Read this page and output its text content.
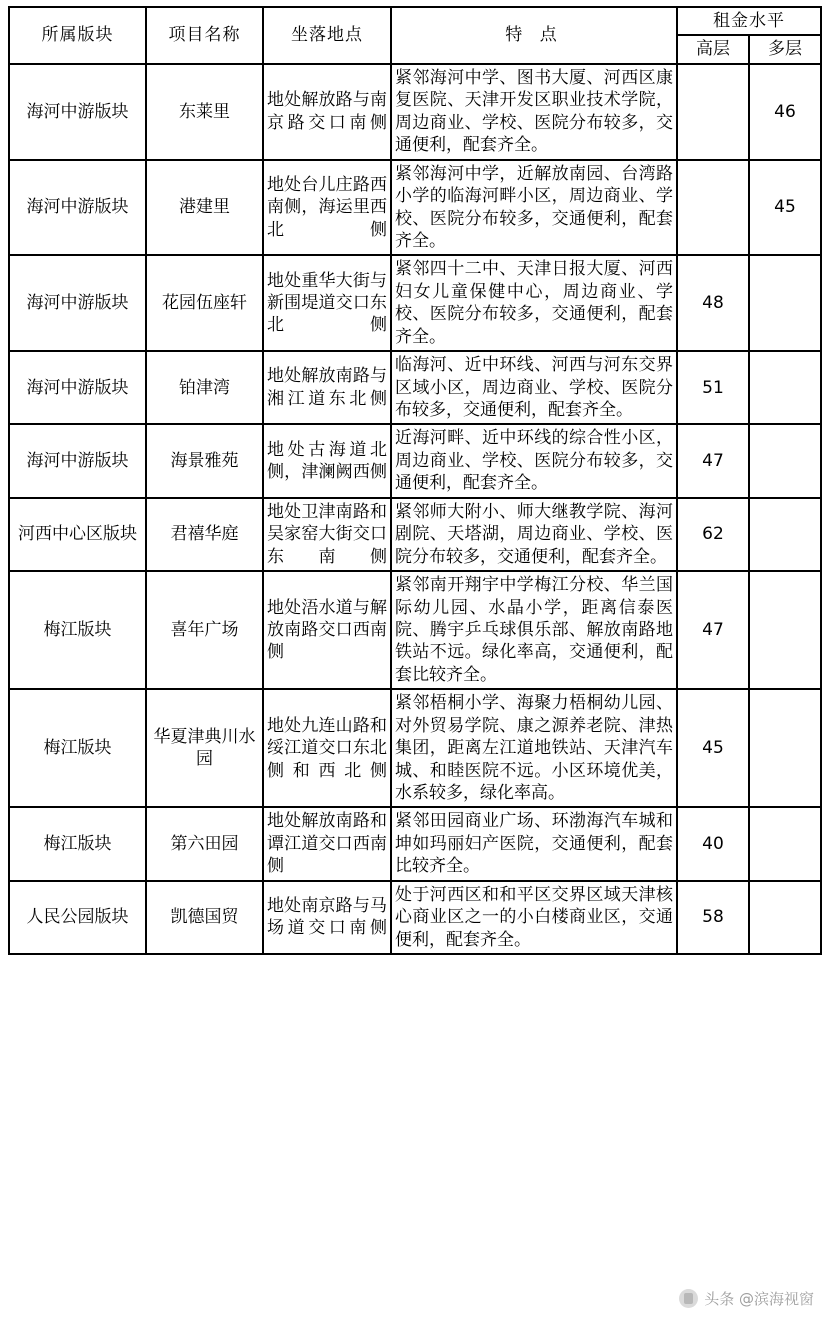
所属版块	项目名称	坐落地点	特 点	租金水平	
				高层	多层
海河中游版块	东莱里	地处解放路与南京路交口南侧	紧邻海河中学、图书大厦、河西区康复医院、天津开发区职业技术学院，周边商业、学校、医院分布较多，交通便利，配套齐全。		46
海河中游版块	港建里	地处台儿庄路西南侧，海运里西北侧	紧邻海河中学，近解放南园、台湾路小学的临海河畔小区，周边商业、学校、医院分布较多，交通便利，配套齐全。		45
海河中游版块	花园伍座轩	地处重华大街与新围堤道交口东北侧	紧邻四十二中、天津日报大厦、河西妇女儿童保健中心，周边商业、学校、医院分布较多，交通便利，配套齐全。	48	
海河中游版块	铂津湾	地处解放南路与湘江道东北侧	临海河、近中环线、河西与河东交界区域小区，周边商业、学校、医院分布较多，交通便利，配套齐全。	51	
海河中游版块	海景雅苑	地处古海道北侧，津澜阙西侧	近海河畔、近中环线的综合性小区，周边商业、学校、医院分布较多，交通便利，配套齐全。	47	
河西中心区版块	君禧华庭	地处卫津南路和吴家窑大街交口东南侧	紧邻师大附小、师大继教学院、海河剧院、天塔湖，周边商业、学校、医院分布较多，交通便利，配套齐全。	62	
梅江版块	喜年广场	地处浯水道与解放南路交口西南侧	紧邻南开翔宇中学梅江分校、华兰国际幼儿园、水晶小学，距离信泰医院、腾宇乒乓球俱乐部、解放南路地铁站不远。绿化率高，交通便利，配套比较齐全。	47	
梅江版块	华夏津典川水园	地处九连山路和绥江道交口东北侧和西北侧	紧邻梧桐小学、海聚力梧桐幼儿园、对外贸易学院、康之源养老院、津热集团，距离左江道地铁站、天津汽车城、和睦医院不远。小区环境优美，水系较多，绿化率高。	45	
梅江版块	第六田园	地处解放南路和谭江道交口西南侧	紧邻田园商业广场、环渤海汽车城和坤如玛丽妇产医院，交通便利，配套比较齐全。	40	
人民公园版块	凯德国贸	地处南京路与马场道交口南侧	处于河西区和和平区交界区域天津核心商业区之一的小白楼商业区，交通便利，配套齐全。	58	
头条 @滨海视窗
